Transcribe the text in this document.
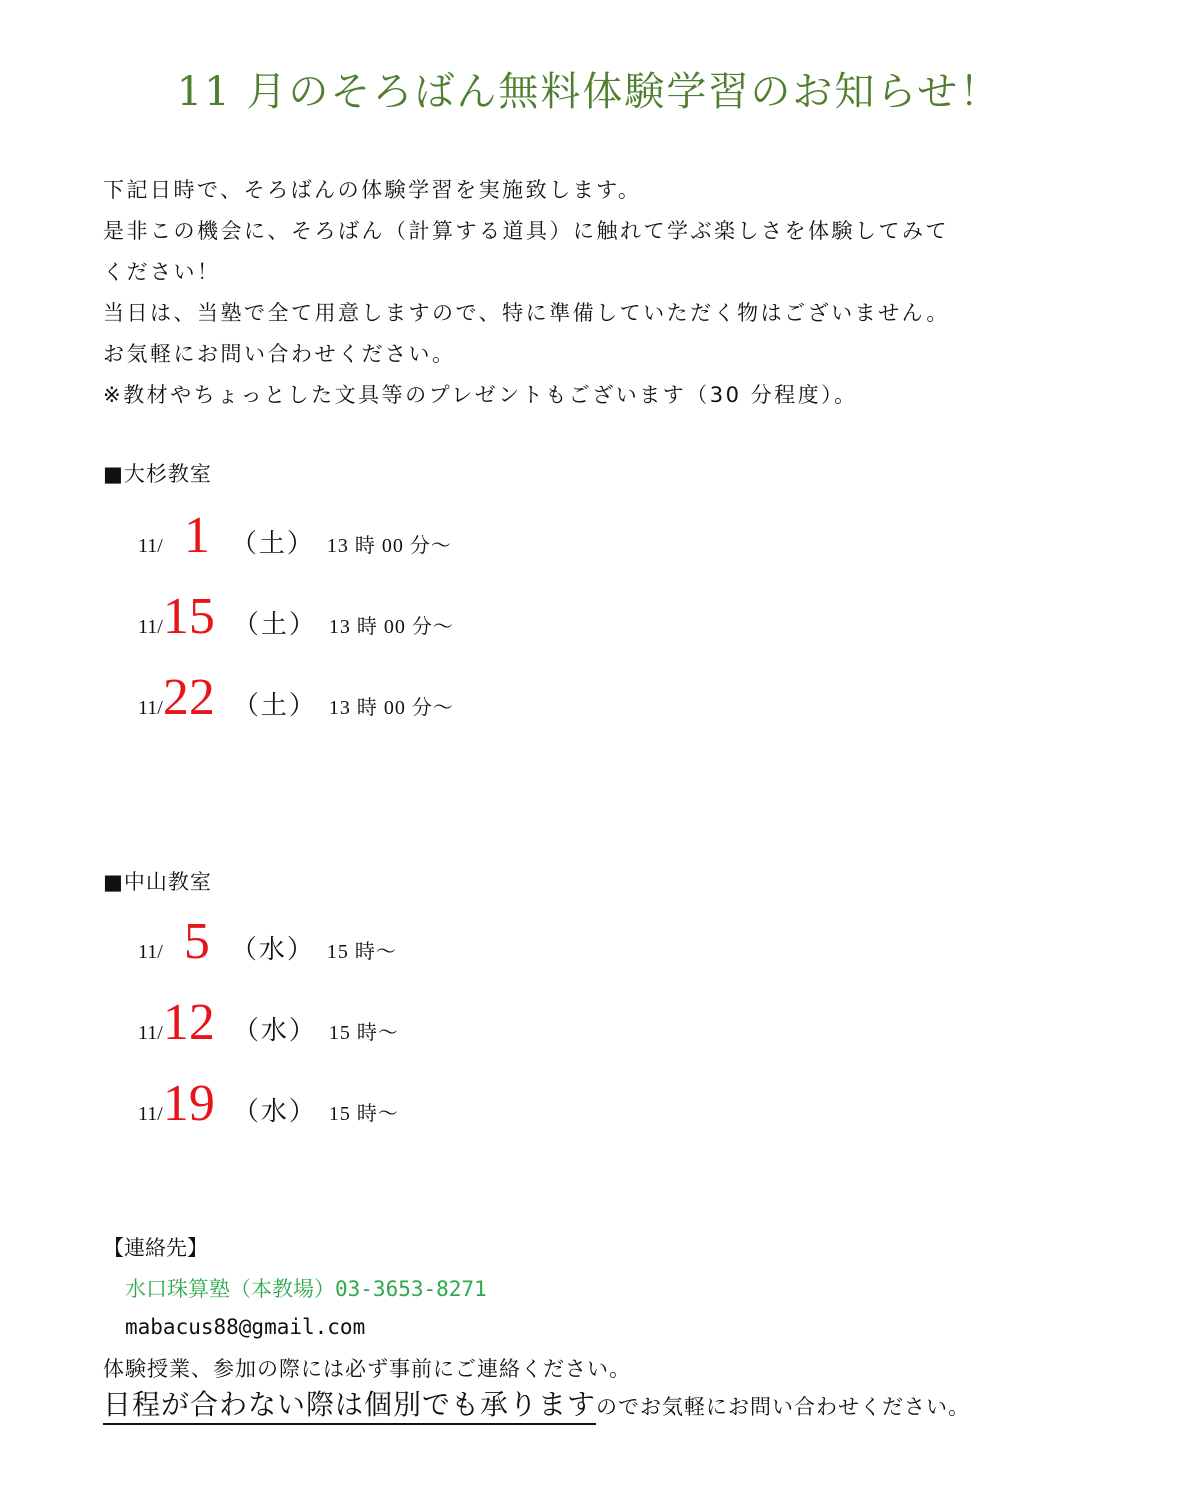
11 月のそろばん無料体験学習のお知らせ！

下記日時で、そろばんの体験学習を実施致します。

是非この機会に、そろばん（計算する道具）に触れて学ぶ楽しさを体験してみて

ください！

当日は、当塾で全て用意しますので、特に準備していただく物はございません。

お気軽にお問い合わせください。

※教材やちょっとした文具等のプレゼントもございます（30 分程度）。

■大杉教室
11/ 1 （土） 13 時 00 分～
11/ 15 （土） 13 時 00 分～
11/ 22 （土） 13 時 00 分～
■中山教室
11/ 5 （水） 15 時～
11/ 12 （水） 15 時～
11/ 19 （水） 15 時～
【連絡先】
水口珠算塾（本教場）03-3653-8271
mabacus88@gmail.com
体験授業、参加の際には必ず事前にご連絡ください。
日程が合わない際は個別でも承りますのでお気軽にお問い合わせください。
